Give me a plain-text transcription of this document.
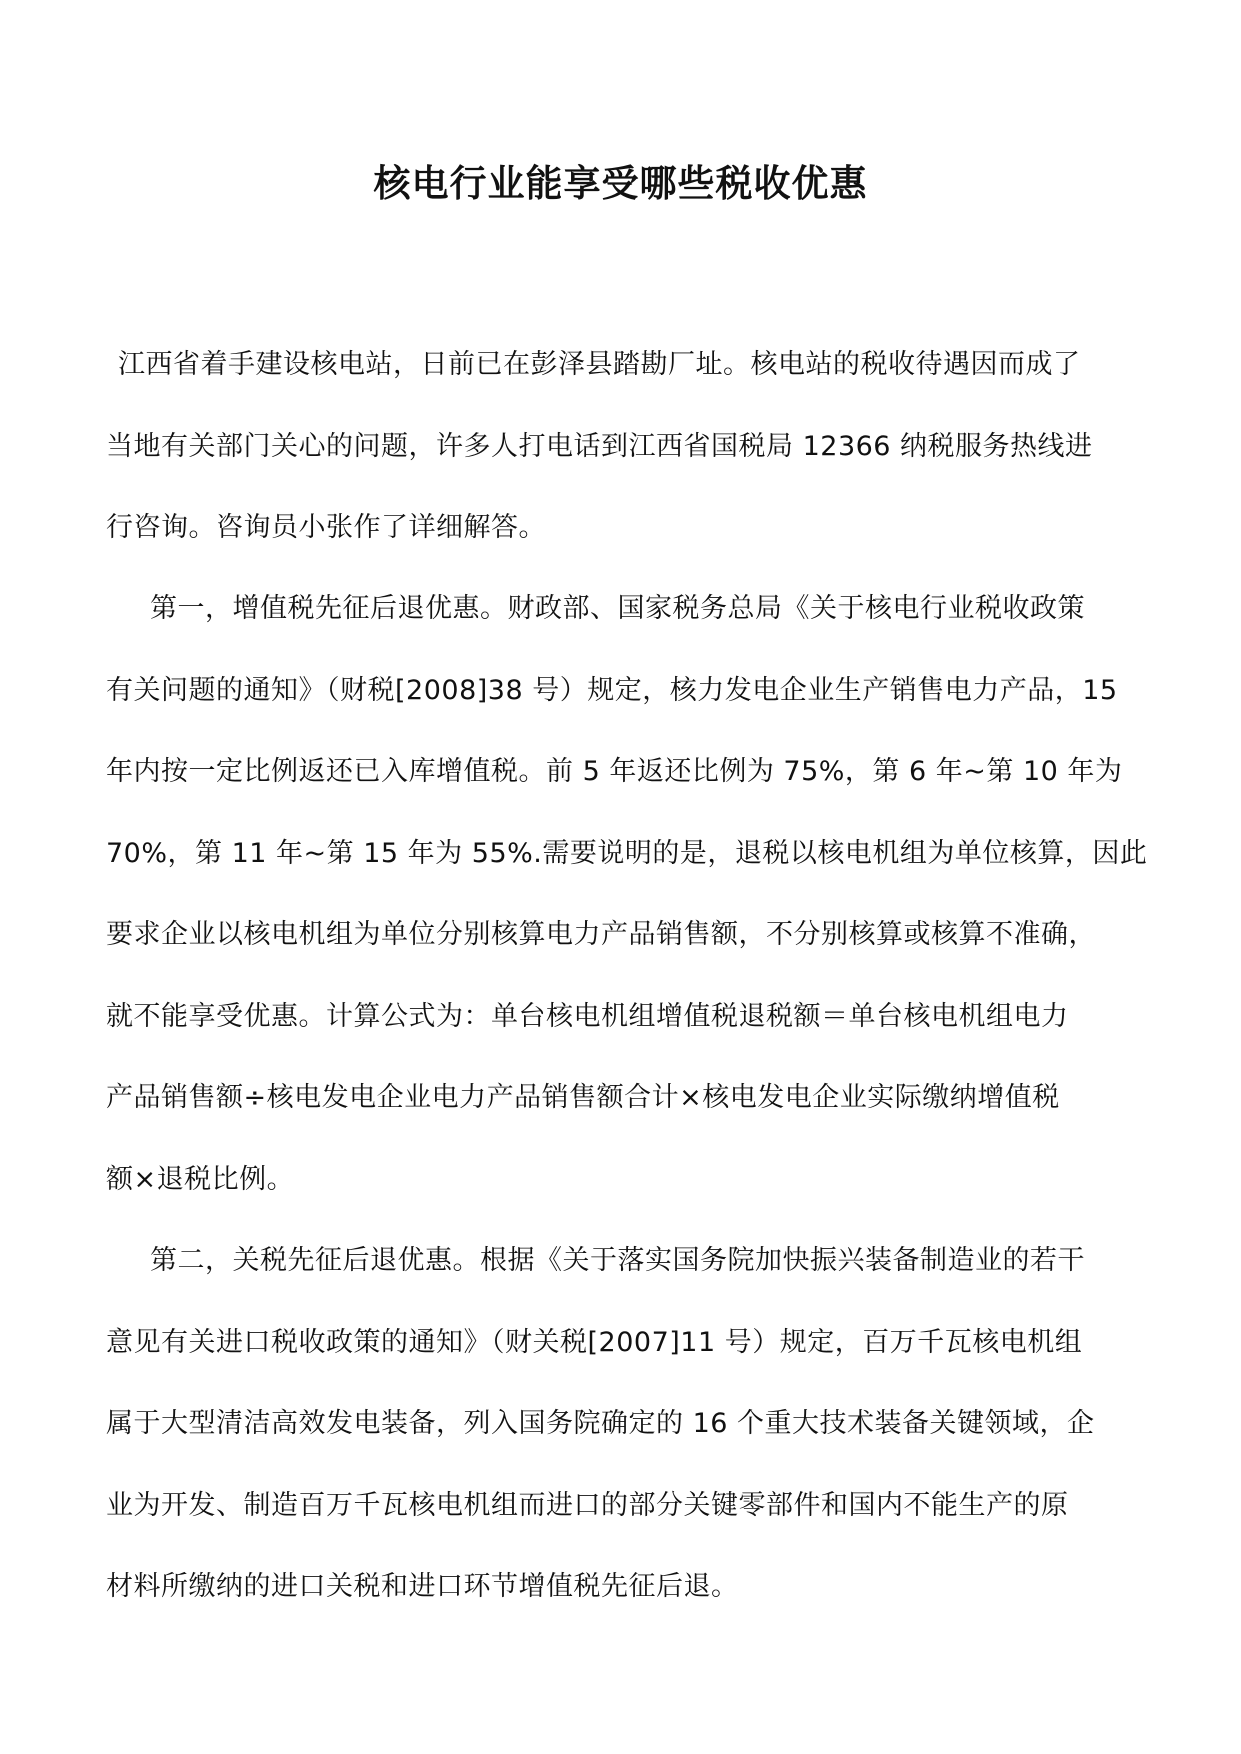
核电行业能享受哪些税收优惠

江西省着手建设核电站，日前已在彭泽县踏勘厂址。核电站的税收待遇因而成了
当地有关部门关心的问题，许多人打电话到江西省国税局 12366 纳税服务热线进
行咨询。咨询员小张作了详细解答。

第一，增值税先征后退优惠。财政部、国家税务总局《关于核电行业税收政策
有关问题的通知》（财税[2008]38 号）规定，核力发电企业生产销售电力产品，15
年内按一定比例返还已入库增值税。前 5 年返还比例为 75%，第 6 年~第 10 年为
70%，第 11 年~第 15 年为 55%.需要说明的是，退税以核电机组为单位核算，因此
要求企业以核电机组为单位分别核算电力产品销售额，不分别核算或核算不准确，
就不能享受优惠。计算公式为：单台核电机组增值税退税额＝单台核电机组电力
产品销售额÷核电发电企业电力产品销售额合计×核电发电企业实际缴纳增值税
额×退税比例。

第二，关税先征后退优惠。根据《关于落实国务院加快振兴装备制造业的若干
意见有关进口税收政策的通知》（财关税[2007]11 号）规定，百万千瓦核电机组
属于大型清洁高效发电装备，列入国务院确定的 16 个重大技术装备关键领域，企
业为开发、制造百万千瓦核电机组而进口的部分关键零部件和国内不能生产的原
材料所缴纳的进口关税和进口环节增值税先征后退。
